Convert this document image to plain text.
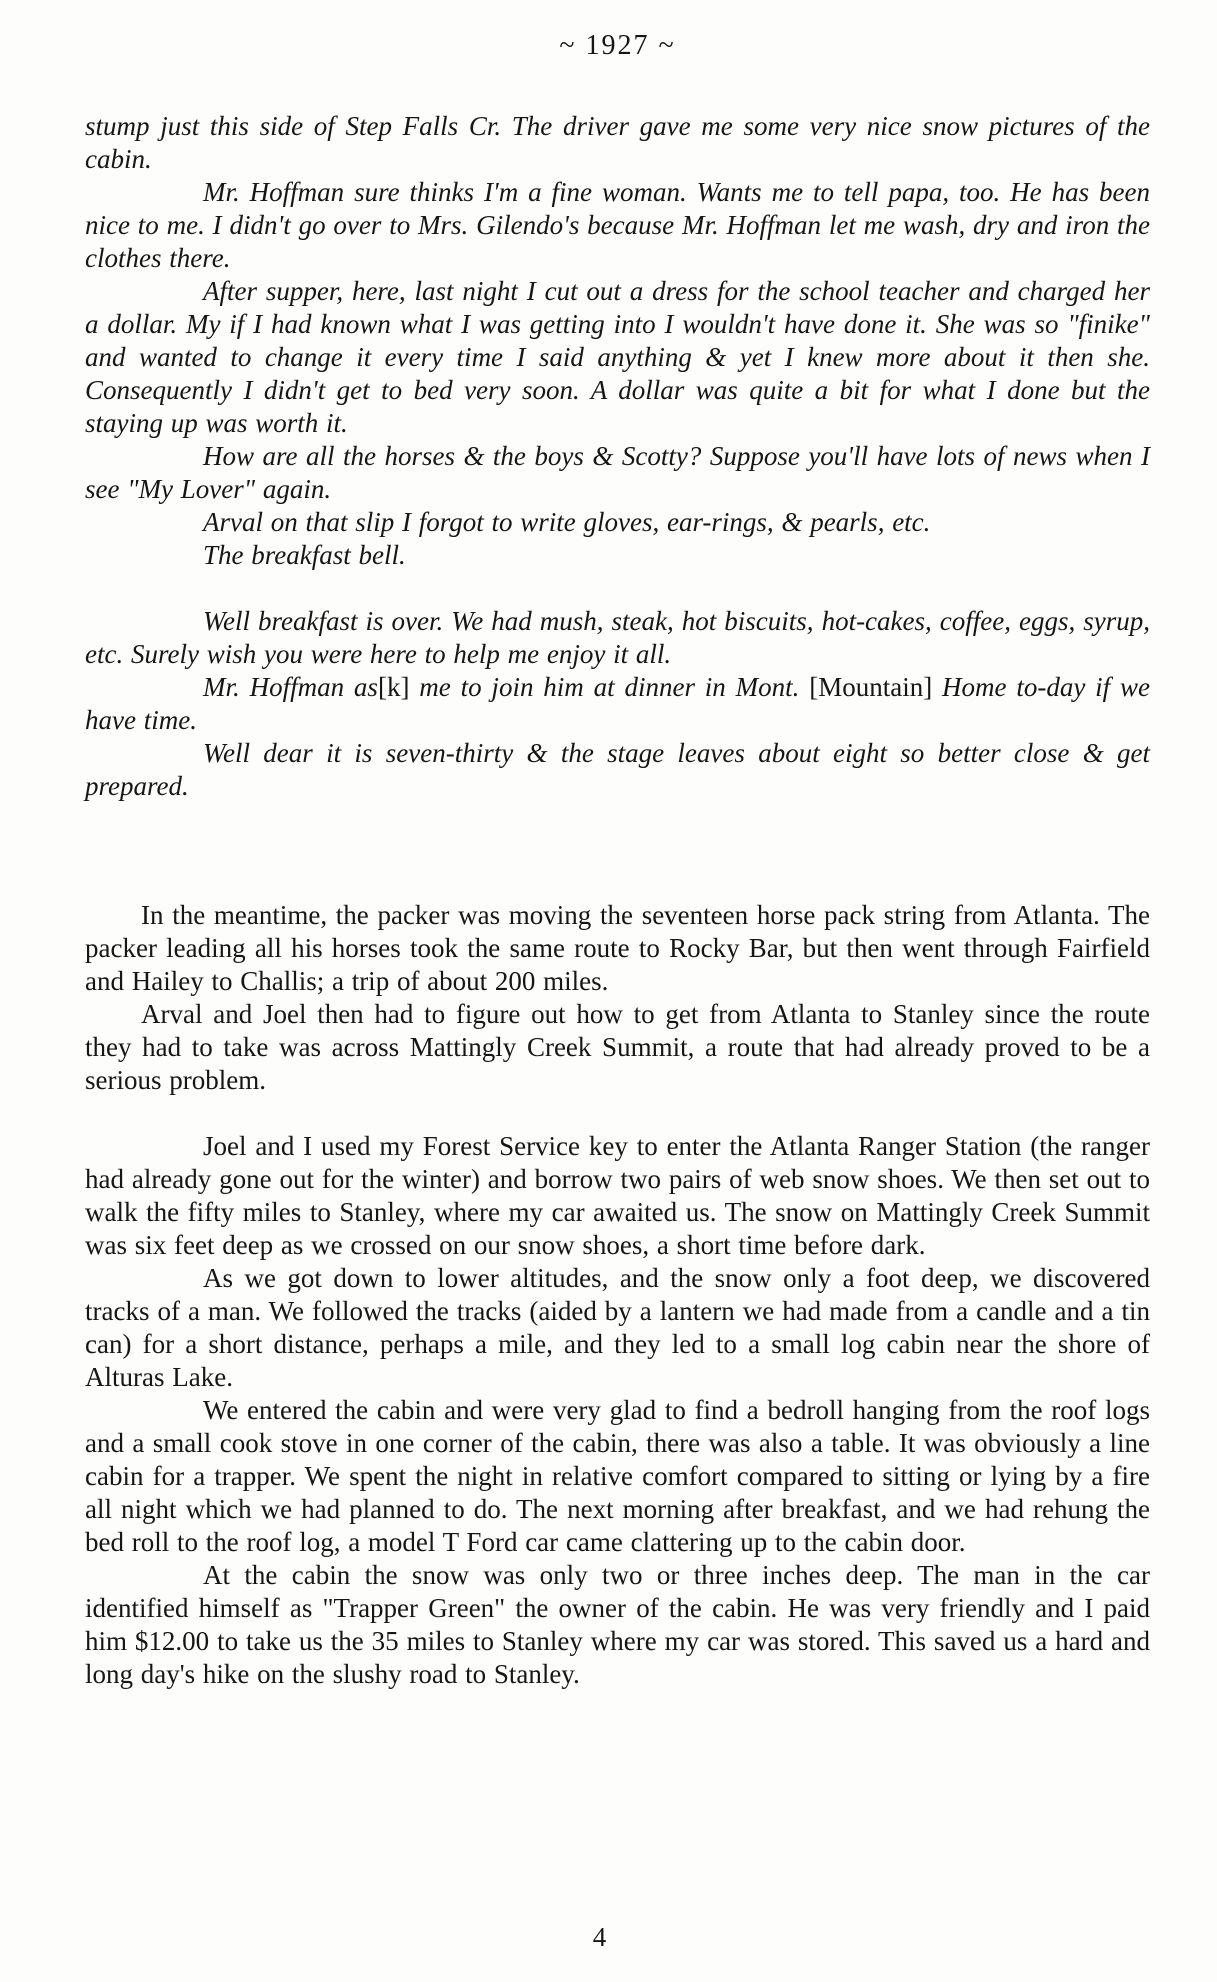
~ 1927 ~

stump just this side of Step Falls Cr. The driver gave me some very nice snow pictures of the cabin.

Mr. Hoffman sure thinks I'm a fine woman. Wants me to tell papa, too. He has been nice to me. I didn't go over to Mrs. Gilendo's because Mr. Hoffman let me wash, dry and iron the clothes there.

After supper, here, last night I cut out a dress for the school teacher and charged her a dollar. My if I had known what I was getting into I wouldn't have done it. She was so "finike" and wanted to change it every time I said anything & yet I knew more about it then she. Consequently I didn't get to bed very soon. A dollar was quite a bit for what I done but the staying up was worth it.

How are all the horses & the boys & Scotty? Suppose you'll have lots of news when I see "My Lover" again.

Arval on that slip I forgot to write gloves, ear-rings, & pearls, etc.

The breakfast bell.

Well breakfast is over. We had mush, steak, hot biscuits, hot-cakes, coffee, eggs, syrup, etc. Surely wish you were here to help me enjoy it all.

Mr. Hoffman as[k] me to join him at dinner in Mont. [Mountain] Home to-day if we have time.

Well dear it is seven-thirty & the stage leaves about eight so better close & get prepared.

In the meantime, the packer was moving the seventeen horse pack string from Atlanta. The packer leading all his horses took the same route to Rocky Bar, but then went through Fairfield and Hailey to Challis; a trip of about 200 miles.

Arval and Joel then had to figure out how to get from Atlanta to Stanley since the route they had to take was across Mattingly Creek Summit, a route that had already proved to be a serious problem.

Joel and I used my Forest Service key to enter the Atlanta Ranger Station (the ranger had already gone out for the winter) and borrow two pairs of web snow shoes. We then set out to walk the fifty miles to Stanley, where my car awaited us. The snow on Mattingly Creek Summit was six feet deep as we crossed on our snow shoes, a short time before dark.

As we got down to lower altitudes, and the snow only a foot deep, we discovered tracks of a man. We followed the tracks (aided by a lantern we had made from a candle and a tin can) for a short distance, perhaps a mile, and they led to a small log cabin near the shore of Alturas Lake.

We entered the cabin and were very glad to find a bedroll hanging from the roof logs and a small cook stove in one corner of the cabin, there was also a table. It was obviously a line cabin for a trapper. We spent the night in relative comfort compared to sitting or lying by a fire all night which we had planned to do. The next morning after breakfast, and we had rehung the bed roll to the roof log, a model T Ford car came clattering up to the cabin door.

At the cabin the snow was only two or three inches deep. The man in the car identified himself as "Trapper Green" the owner of the cabin. He was very friendly and I paid him $12.00 to take us the 35 miles to Stanley where my car was stored. This saved us a hard and long day's hike on the slushy road to Stanley.

4
